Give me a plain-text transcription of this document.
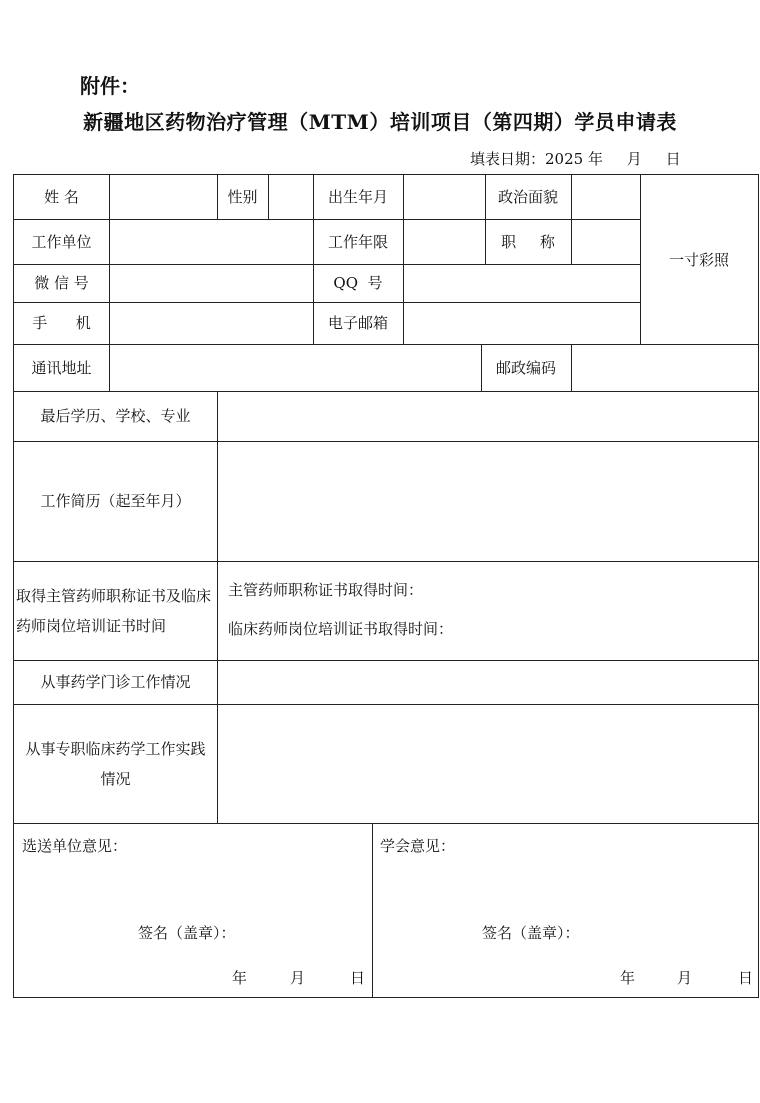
附件：
新疆地区药物治疗管理（MTM）培训项目（第四期）学员申请表
填表日期：2025 年     月     日
姓 名	性别	出生年月	政治面貌
一寸彩照
工作单位	工作年限	职     称
微 信 号	QQ  号
手      机	电子邮箱
通讯地址	邮政编码
最后学历、学校、专业
工作简历（起至年月）
取得主管药师职称证书及临床药师岗位培训证书时间
主管药师职称证书取得时间：
临床药师岗位培训证书取得时间：
从事药学门诊工作情况
从事专职临床药学工作实践情况
选送单位意见：	学会意见：
签名（盖章）：	签名（盖章）：
年	月	日	年	月	日
